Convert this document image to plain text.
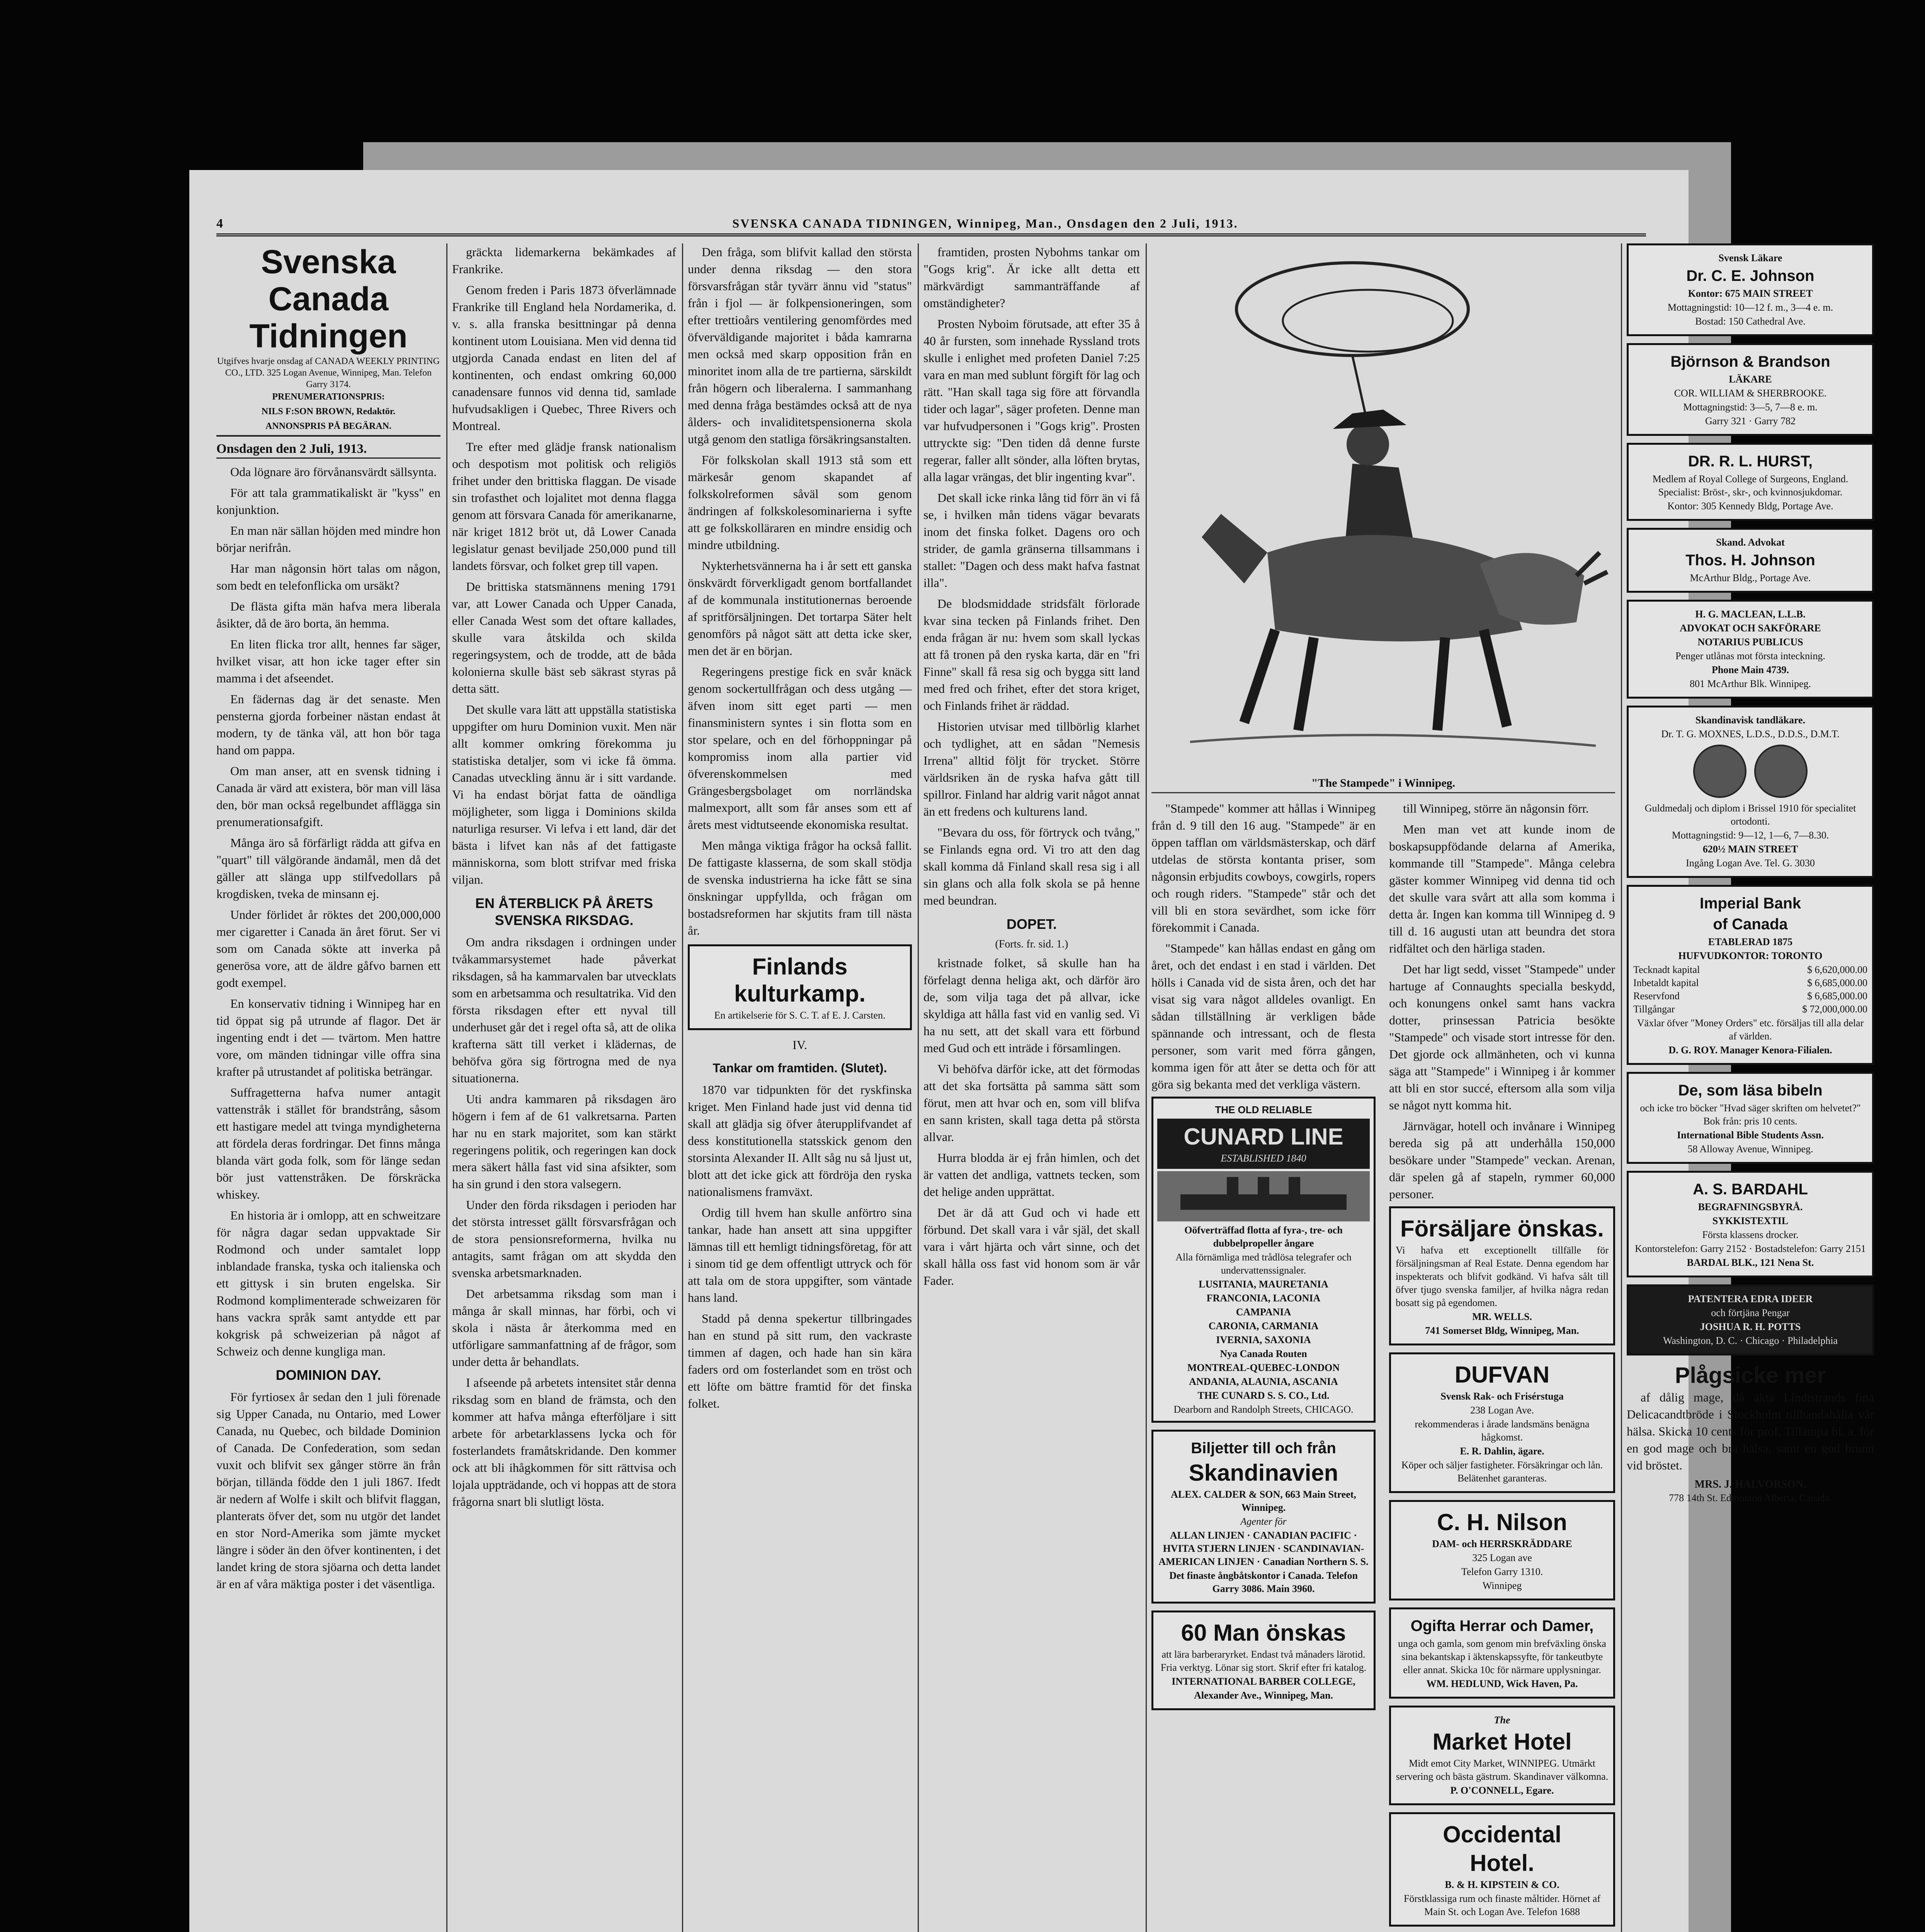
4	SVENSKA CANADA TIDNINGEN, Winnipeg, Man., Onsdagen den 2 Juli, 1913.
Svenska Canada
Tidningen
Utgifves hvarje onsdag af CANADA WEEKLY PRINTING CO., LTD. 325 Logan Avenue, Winnipeg, Man. Telefon Garry 3174.
PRENUMERATIONSPRIS:
NILS F:SON BROWN, Redaktör.
ANNONSPRIS PÅ BEGÄRAN.
Onsdagen den 2 Juli, 1913.

Oda lögnare äro förvånansvärdt sällsynta.

För att tala grammatikaliskt är "kyss" en konjunktion.

En man när sällan höjden med mindre hon börjar nerifrån.

Har man någonsin hört talas om någon, som bedt en telefonflicka om ursäkt?

De flästa gifta män hafva mera liberala åsikter, då de äro borta, än hemma.

En liten flicka tror allt, hennes far säger, hvilket visar, att hon icke tager efter sin mamma i det afseendet.

En fädernas dag är det senaste. Men pensterna gjorda forbeiner nästan endast åt modern, ty de tänka väl, att hon bör taga hand om pappa.

Om man anser, att en svensk tidning i Canada är värd att existera, bör man vill läsa den, bör man också regelbundet afflägga sin prenumerationsafgift.

Många äro så förfärligt rädda att gifva en "quart" till välgörande ändamål, men då det gäller att slänga upp stilfvedollars på krogdisken, tveka de minsann ej.

Under förlidet år röktes det 200,000,000 mer cigaretter i Canada än året förut. Ser vi som om Canada sökte att inverka på generösa vore, att de äldre gåfvo barnen ett godt exempel.

En konservativ tidning i Winnipeg har en tid öppat sig på utrunde af flagor. Det är ingenting endt i det — tvärtom. Men hattre vore, om mänden tidningar ville offra sina krafter på utrustandet af politiska beträngar.

Suffragetterna hafva numer antagit vattenstråk i stället för brandstrång, såsom ett hastigare medel att tvinga myndigheterna att fördela deras fordringar. Det finns många blanda värt goda folk, som för länge sedan bör just vattenstråken. De förskräcka whiskey.

En historia är i omlopp, att en schweitzare för några dagar sedan uppvaktade Sir Rodmond och under samtalet lopp inblandade franska, tyska och italienska och ett gittysk i sin bruten engelska. Sir Rodmond komplimenterade schweizaren för hans vackra språk samt antydde ett par kokgrisk på schweizerian på något af Schweiz och denne kungliga man.

DOMINION DAY.

För fyrtiosex år sedan den 1 juli förenade sig Upper Canada, nu Ontario, med Lower Canada, nu Quebec, och bildade Dominion of Canada. De Confederation, som sedan vuxit och blifvit sex gånger större än från början, tillända födde den 1 juli 1867. Ifedt är nedern af Wolfe i skilt och blifvit flaggan, planterats öfver det, som nu utgör det landet en stor Nord-Amerika som jämte mycket längre i söder än den öfver kontinenten, i det landet kring de stora sjöarna och detta landet är en af våra mäktiga poster i det väsentliga.

gräckta lidemarkerna bekämkades af Frankrike.

Genom freden i Paris 1873 öfverlämnade Frankrike till England hela Nordamerika, d. v. s. alla franska besittningar på denna kontinent utom Louisiana. Men vid denna tid utgjorda Canada endast en liten del af kontinenten, och endast omkring 60,000 canadensare funnos vid denna tid, samlade hufvudsakligen i Quebec, Three Rivers och Montreal.

Tre efter med glädje fransk nationalism och despotism mot politisk och religiös frihet under den brittiska flaggan. De visade sin trofasthet och lojalitet mot denna flagga genom att försvara Canada för amerikanarne, när kriget 1812 bröt ut, då Lower Canada legislatur genast beviljade 250,000 pund till landets försvar, och folket grep till vapen.

De brittiska statsmännens mening 1791 var, att Lower Canada och Upper Canada, eller Canada West som det oftare kallades, skulle vara åtskilda och skilda regeringsystem, och de trodde, att de båda kolonierna skulle bäst seb säkrast styras på detta sätt.

Det skulle vara lätt att uppställa statistiska uppgifter om huru Dominion vuxit. Men när allt kommer omkring förekomma ju statistiska detaljer, som vi icke få ömma. Canadas utveckling ännu är i sitt vardande. Vi ha endast börjat fatta de oändliga möjligheter, som ligga i Dominions skilda naturliga resurser. Vi lefva i ett land, där det bästa i lifvet kan nås af det fattigaste människorna, som blott strifvar med friska viljan.

EN ÅTERBLICK PÅ ÅRETS SVENSKA RIKSDAG.

Om andra riksdagen i ordningen under tvåkammarsystemet hade påverkat riksdagen, så ha kammarvalen bar utvecklats som en arbetsamma och resultatrika. Vid den första riksdagen efter ett nyval till underhuset går det i regel ofta så, att de olika krafterna sätt till verket i klädernas, de behöfva göra sig förtrogna med de nya situationerna.

Uti andra kammaren på riksdagen äro högern i fem af de 61 valkretsarna. Parten har nu en stark majoritet, som kan stärkt regeringens politik, och regeringen kan dock mera säkert hålla fast vid sina afsikter, som ha sin grund i den stora valsegern.

Under den förda riksdagen i perioden har det största intresset gällt försvarsfrågan och de stora pensionsreformerna, hvilka nu antagits, samt frågan om att skydda den svenska arbetsmarknaden.

Det arbetsamma riksdag som man i många år skall minnas, har förbi, och vi skola i nästa år återkomma med en utförligare sammanfattning af de frågor, som under detta år behandlats.

I afseende på arbetets intensitet står denna riksdag som en bland de främsta, och den kommer att hafva många efterföljare i sitt arbete för arbetarklassens lycka och för fosterlandets framåtskridande. Den kommer ock att bli ihågkommen för sitt rättvisa och lojala uppträdande, och vi hoppas att de stora frågorna snart bli slutligt lösta.

Den fråga, som blifvit kallad den största under denna riksdag — den stora försvarsfrågan står tyvärr ännu vid "status" från i fjol — är folkpensioneringen, som efter trettioårs ventilering genomfördes med öfverväldigande majoritet i båda kamrarna men också med skarp opposition från en minoritet inom alla de tre partierna, särskildt från högern och liberalerna. I sammanhang med denna fråga bestämdes också att de nya ålders- och invaliditetspensionerna skola utgå genom den statliga försäkringsanstalten.

För folkskolan skall 1913 stå som ett märkesår genom skapandet af folkskolreformen såväl som genom ändringen af folkskolesominarierna i syfte att ge folkskolläraren en mindre ensidig och mindre utbildning.

Nykterhetsvännerna ha i år sett ett ganska önskvärdt förverkligadt genom bortfallandet af de kommunala institutionernas beroende af spritförsäljningen. Det tortarpa Säter helt genomförs på något sätt att detta icke sker, men det är en början.

Regeringens prestige fick en svår knäck genom sockertullfrågan och dess utgång — äfven inom sitt eget parti — men finansministern syntes i sin flotta som en stor spelare, och en del förhoppningar på kompromiss inom alla partier vid öfverenskommelsen med Grängesbergsbolaget om norrländska malmexport, allt som får anses som ett af årets mest vidtutseende ekonomiska resultat.

Men många viktiga frågor ha också fallit. De fattigaste klasserna, de som skall stödja de svenska industrierna ha icke fått se sina önskningar uppfyllda, och frågan om bostadsreformen har skjutits fram till nästa år.

Finlands kulturkamp.
En artikelserie för S. C. T. af E. J. Carsten.
IV.
Tankar om framtiden. (Slutet).

1870 var tidpunkten för det ryskfinska kriget. Men Finland hade just vid denna tid skall att glädja sig öfver återupplifvandet af dess konstitutionella statsskick genom den storsinta Alexander II. Allt såg nu så ljust ut, blott att det icke gick att fördröja den ryska nationalismens framväxt.

Ordig till hvem han skulle anförtro sina tankar, hade han ansett att sina uppgifter lämnas till ett hemligt tidningsföretag, för att i sinom tid ge dem offentligt uttryck och för att tala om de stora uppgifter, som väntade hans land.

Stadd på denna spekertur tillbringades han en stund på sitt rum, den vackraste timmen af dagen, och hade han sin kära faders ord om fosterlandet som en tröst och ett löfte om bättre framtid för det finska folket.

framtiden, prosten Nybohms tankar om "Gogs krig". Är icke allt detta ett märkvärdigt sammanträffande af omständigheter?

Prosten Nyboim förutsade, att efter 35 å 40 år fursten, som innehade Ryssland trots skulle i enlighet med profeten Daniel 7:25 vara en man med sublunt förgift för lag och rätt. "Han skall taga sig före att förvandla tider och lagar", säger profeten. Denne man var hufvudpersonen i "Gogs krig". Prosten uttryckte sig: "Den tiden då denne furste regerar, faller allt sönder, alla löften brytas, alla lagar vrängas, det blir ingenting kvar".

Det skall icke rinka lång tid förr än vi få se, i hvilken mån tidens vägar bevarats inom det finska folket. Dagens oro och strider, de gamla gränserna tillsammans i stallet: "Dagen och dess makt hafva fastnat illa".

De blodsmiddade stridsfält förlorade kvar sina tecken på Finlands frihet. Den enda frågan är nu: hvem som skall lyckas att få tronen på den ryska karta, där en "fri Finne" skall få resa sig och bygga sitt land med fred och frihet, efter det stora kriget, och Finlands frihet är räddad.

Historien utvisar med tillbörlig klarhet och tydlighet, att en sådan "Nemesis Irrena" alltid följt för trycket. Större världsriken än de ryska hafva gått till spillror. Finland har aldrig varit något annat än ett fredens och kulturens land.

"Bevara du oss, för förtryck och tvång," se Finlands egna ord. Vi tro att den dag skall komma då Finland skall resa sig i all sin glans och alla folk skola se på henne med beundran.

DOPET.
(Forts. fr. sid. 1.)

kristnade folket, så skulle han ha förfelagt denna heliga akt, och därför äro de, som vilja taga det på allvar, icke skyldiga att hålla fast vid en vanlig sed. Vi ha nu sett, att det skall vara ett förbund med Gud och ett inträde i församlingen.

Vi behöfva därför icke, att det förmodas att det ska fortsätta på samma sätt som förut, men att hvar och en, som vill blifva en sann kristen, skall taga detta på största allvar.

Hurra blodda är ej från himlen, och det är vatten det andliga, vattnets tecken, som det helige anden upprättat.

Det är då att Gud och vi hade ett förbund. Det skall vara i vår själ, det skall vara i vårt hjärta och vårt sinne, och det skall hålla oss fast vid honom som är vår Fader.

"The Stampede" i Winnipeg.

"Stampede" kommer att hållas i Winnipeg från d. 9 till den 16 aug. "Stampede" är en öppen tafflan om världsmästerskap, och därf utdelas de största kontanta priser, som någonsin erbjudits cowboys, cowgirls, ropers och rough riders. "Stampede" står och det vill bli en stora sevärdhet, som icke förr förekommit i Canada.

"Stampede" kan hållas endast en gång om året, och det endast i en stad i världen. Det hölls i Canada vid de sista åren, och det har visat sig vara något alldeles ovanligt. En sådan tillställning är verkligen både spännande och intressant, och de flesta personer, som varit med förra gången, komma igen för att åter se detta och för att göra sig bekanta med det verkliga västern.

THE OLD RELIABLE
CUNARD LINE
ESTABLISHED 1840
Oöfverträffad flotta af fyra-, tre- och dubbelpropeller ångare
Alla förnämliga med trådlösa telegrafer och undervattenssignaler.
LUSITANIA, MAURETANIA
FRANCONIA, LACONIA
CAMPANIA
CARONIA, CARMANIA
IVERNIA, SAXONIA
Nya Canada Routen
MONTREAL-QUEBEC-LONDON
ANDANIA, ALAUNIA, ASCANIA
THE CUNARD S. S. CO., Ltd.
Dearborn and Randolph Streets, CHICAGO.
Biljetter till och från
Skandinavien
ALEX. CALDER & SON, 663 Main Street, Winnipeg.
Agenter för
ALLAN LINJEN · CANADIAN PACIFIC · HVITA STJERN LINJEN · SCANDINAVIAN-AMERICAN LINJEN · Canadian Northern S. S.
Det finaste ångbåtskontor i Canada. Telefon Garry 3086. Main 3960.
60 Man önskas
att lära barberaryrket. Endast två månaders lärotid. Fria verktyg. Lönar sig stort. Skrif efter fri katalog.
INTERNATIONAL BARBER COLLEGE,
Alexander Ave., Winnipeg, Man.

till Winnipeg, större än någonsin förr.

Men man vet att kunde inom de boskapsuppfödande delarna af Amerika, kommande till "Stampede". Många celebra gäster kommer Winnipeg vid denna tid och det skulle vara svårt att alla som komma i detta år. Ingen kan komma till Winnipeg d. 9 till d. 16 augusti utan att beundra det stora ridfältet och den härliga staden.

Det har ligt sedd, visset "Stampede" under hartuge af Connaughts specialla beskydd, och konungens onkel samt hans vackra dotter, prinsessan Patricia besökte "Stampede" och visade stort intresse för den. Det gjorde ock allmänheten, och vi kunna säga att "Stampede" i Winnipeg i år kommer att bli en stor succé, eftersom alla som vilja se något nytt komma hit.

Järnvägar, hotell och invånare i Winnipeg bereda sig på att underhålla 150,000 besökare under "Stampede" veckan. Arenan, där spelen gå af stapeln, rymmer 60,000 personer.

Försäljare önskas.
Vi hafva ett exceptionellt tillfälle för försäljningsman af Real Estate. Denna egendom har inspekterats och blifvit godkänd. Vi hafva sålt till öfver tjugo svenska familjer, af hvilka några redan bosatt sig på egendomen.
MR. WELLS.
741 Somerset Bldg, Winnipeg, Man.
DUFVAN
Svensk Rak- och Frisérstuga
238 Logan Ave.
rekommenderas i årade landsmäns benägna hågkomst.
E. R. Dahlin, ägare.
Köper och säljer fastigheter. Försäkringar och lån. Belätenhet garanteras.
C. H. Nilson
DAM- och HERRSKRÄDDARE
325 Logan ave
Telefon Garry 1310.
Winnipeg
Ogifta Herrar och Damer,
unga och gamla, som genom min brefväxling önska sina bekantskap i äktenskapssyfte, för tankeutbyte eller annat. Skicka 10c för närmare upplysningar.
WM. HEDLUND, Wick Haven, Pa.
The
Market Hotel
Midt emot City Market, WINNIPEG. Utmärkt servering och bästa gästrum. Skandinaver välkomna.
P. O'CONNELL, Egare.
Occidental
Hotel.
B. & H. KIPSTEIN & CO.
Förstklassiga rum och finaste måltider. Hörnet af Main St. och Logan Ave. Telefon 1688
Svensk Läkare
Dr. C. E. Johnson
Kontor: 675 MAIN STREET
Mottagningstid: 10—12 f. m., 3—4 e. m.
Bostad: 150 Cathedral Ave.
Björnson & Brandson
LÄKARE
COR. WILLIAM & SHERBROOKE.
Mottagningstid: 3—5, 7—8 e. m.
Garry 321 · Garry 782
DR. R. L. HURST,
Medlem af Royal College of Surgeons, England. Specialist: Bröst-, skr-, och kvinnosjukdomar.
Kontor: 305 Kennedy Bldg, Portage Ave.
Skand. Advokat
Thos. H. Johnson
McArthur Bldg., Portage Ave.
H. G. MACLEAN, L.L.B.
ADVOKAT OCH SAKFÖRARE
NOTARIUS PUBLICUS
Penger utlånas mot första inteckning.
Phone Main 4739.
801 McArthur Blk. Winnipeg.
Skandinavisk tandläkare.
Dr. T. G. MOXNES, L.D.S., D.D.S., D.M.T.
Guldmedalj och diplom i Brissel 1910 för specialitet ortodonti.
Mottagningstid: 9—12, 1—6, 7—8.30.
620½ MAIN STREET
Ingång Logan Ave. Tel. G. 3030
Imperial Bank
of Canada
ETABLERAD 1875
HUFVUDKONTOR: TORONTO
Tecknadt kapital	$ 6,620,000.00
Inbetaldt kapital	$ 6,685,000.00
Reservfond	$ 6,685,000.00
Tillgångar	$ 72,000,000.00
Växlar öfver "Money Orders" etc. försäljas till alla delar af världen.
D. G. ROY. Manager Kenora-Filialen.
De, som läsa bibeln
och icke tro böcker "Hvad säger skriften om helvetet?" Bok från: pris 10 cents.
International Bible Students Assn.
58 Alloway Avenue, Winnipeg.
A. S. BARDAHL
BEGRAFNINGSBYRÅ.
SYKKISTEXTIL
Första klassens drocker.
Kontorstelefon: Garry 2152 · Bostadstelefon: Garry 2151
BARDAL BLK., 121 Nena St.
PATENTERA EDRA IDEER
och förtjäna Pengar
JOSHUA R. H. POTTS
Washington, D. C. · Chicago · Philadelphia
Plågsicke mer

af dålig mage, då äkta Lindtstrands fina Delicacandtbröde i Stockholm tillhandahålla vår hälsa. Skicka 10 cents för prof. Tillämpa bl. a. för en god mage och bra hälsa, samt en god brunn vid bröstet.

MRS. J. HALVORSON.
778 14th St. Edmonton Alberta, Canada.
